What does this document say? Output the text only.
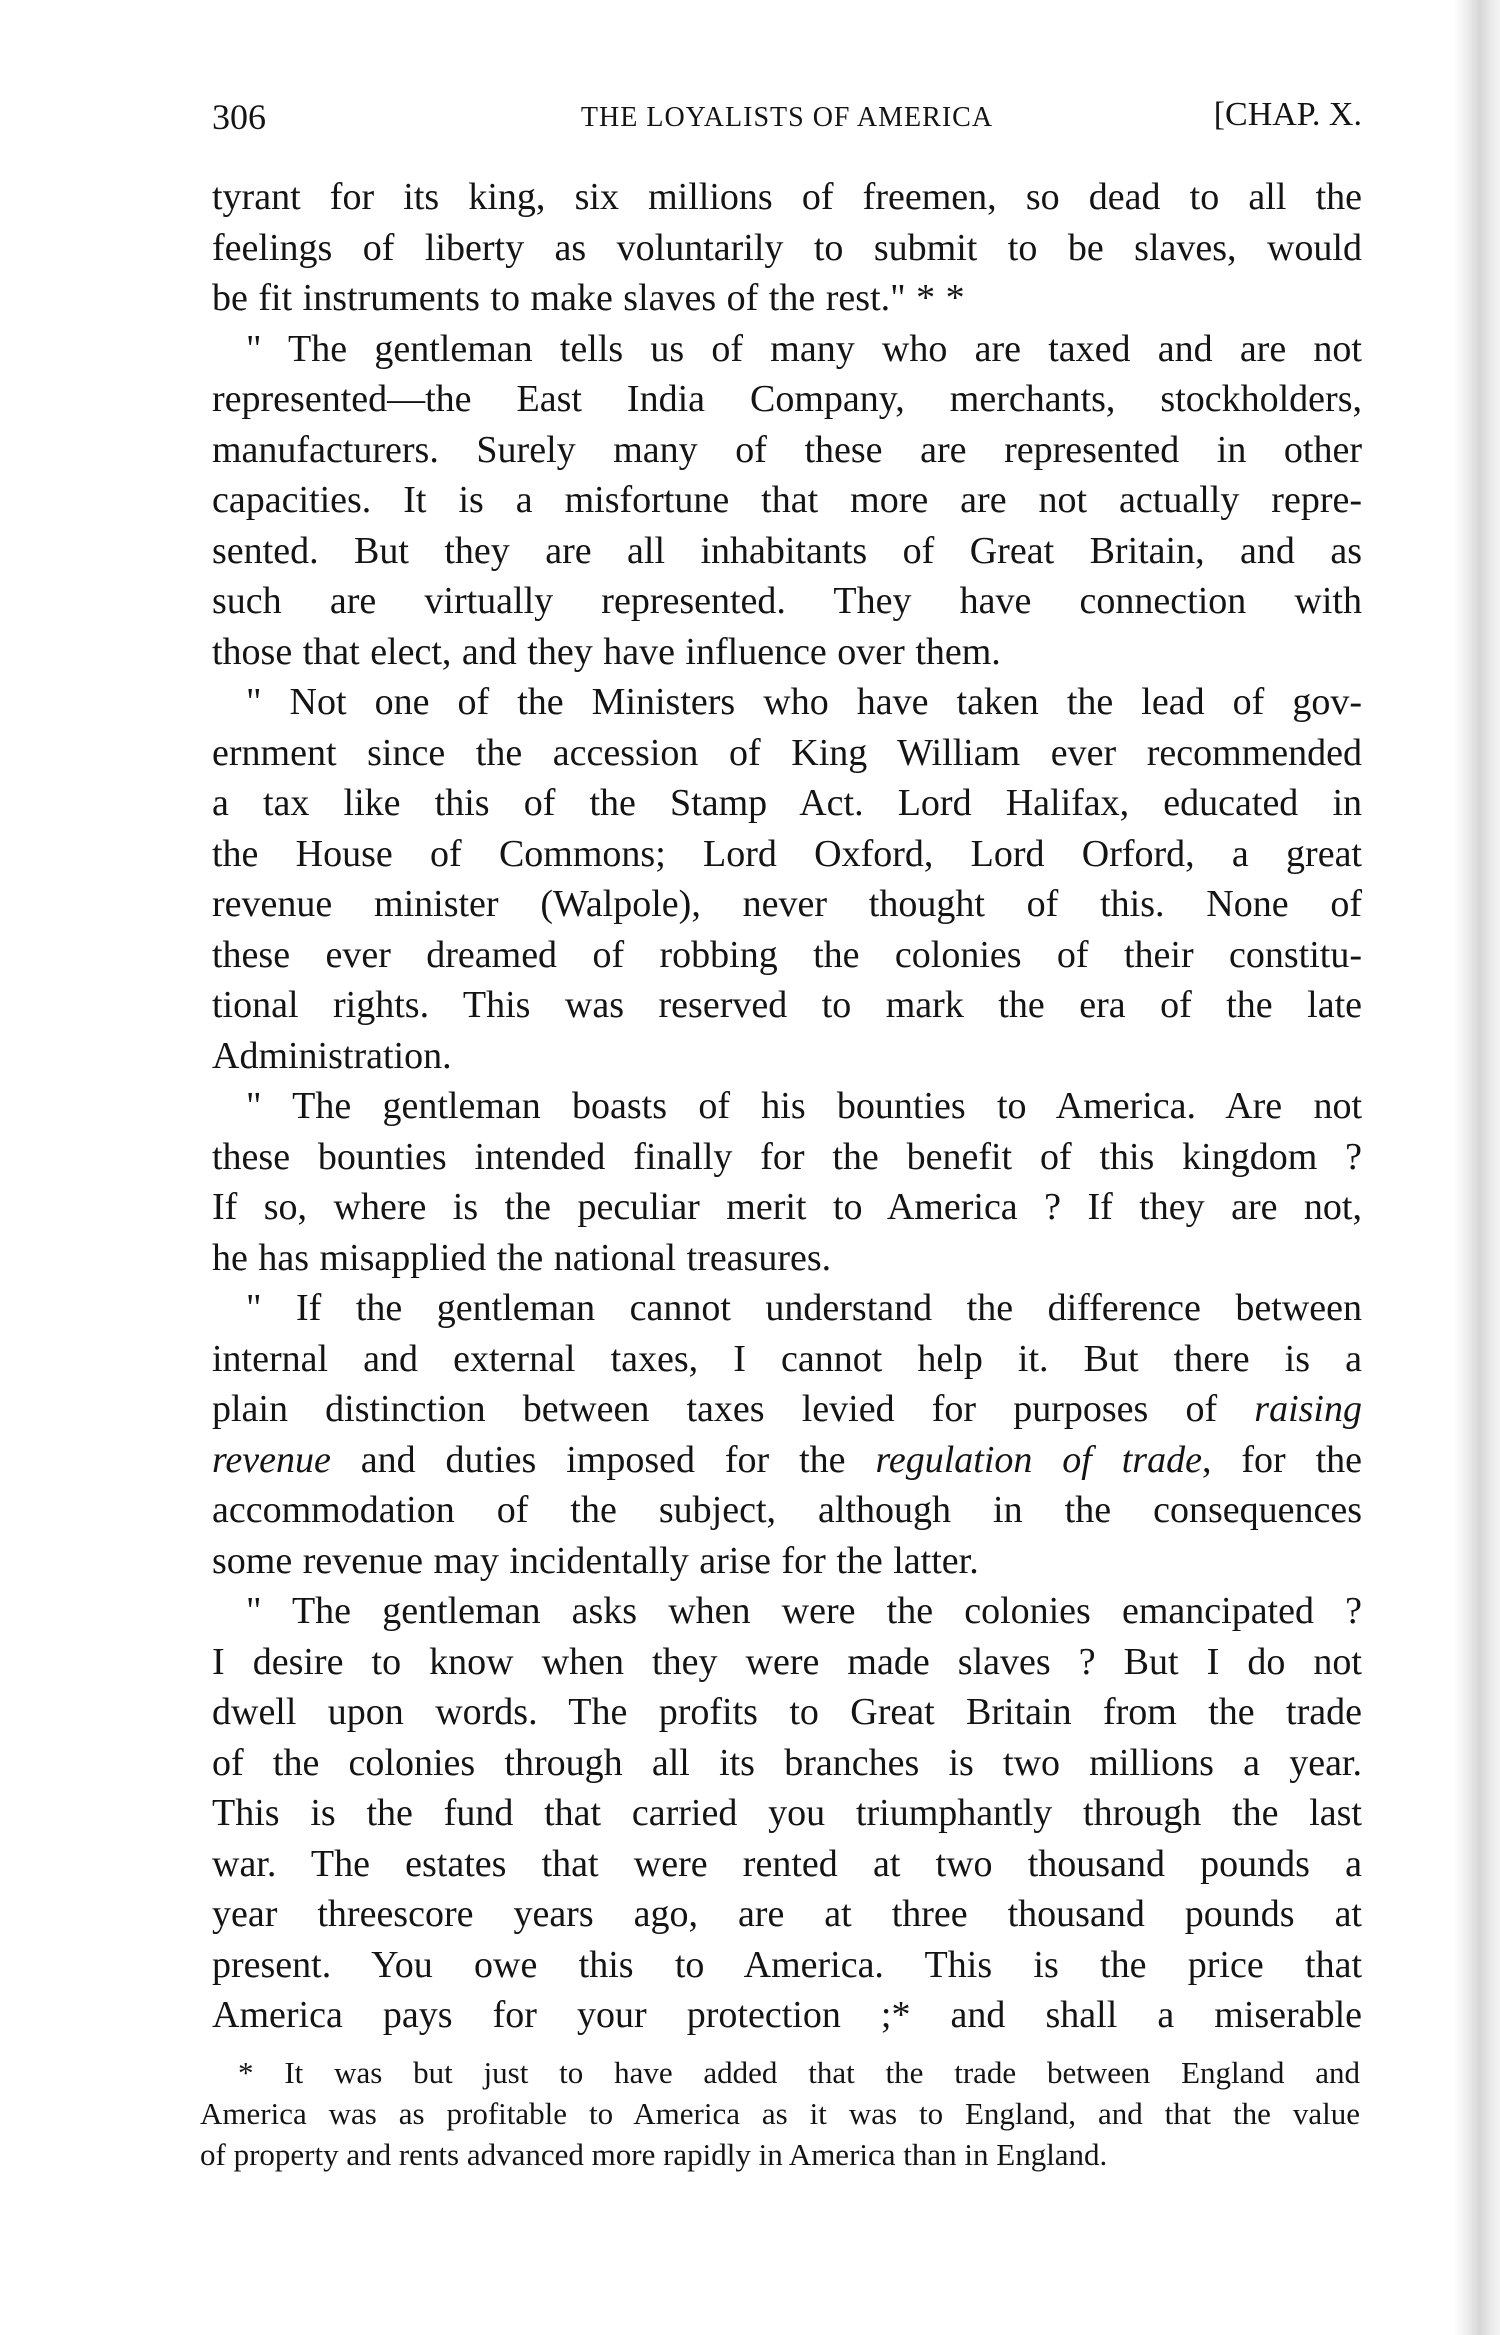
306	THE LOYALISTS OF AMERICA	[CHAP. X.
tyrant for its king, six millions of freemen, so dead to all the
feelings of liberty as voluntarily to submit to be slaves, would
be fit instruments to make slaves of the rest." * *
" The gentleman tells us of many who are taxed and are not
represented—the East India Company, merchants, stockholders,
manufacturers. Surely many of these are represented in other
capacities. It is a misfortune that more are not actually repre-
sented. But they are all inhabitants of Great Britain, and as
such are virtually represented. They have connection with
those that elect, and they have influence over them.
" Not one of the Ministers who have taken the lead of gov-
ernment since the accession of King William ever recommended
a tax like this of the Stamp Act. Lord Halifax, educated in
the House of Commons; Lord Oxford, Lord Orford, a great
revenue minister (Walpole), never thought of this. None of
these ever dreamed of robbing the colonies of their constitu-
tional rights. This was reserved to mark the era of the late
Administration.
" The gentleman boasts of his bounties to America. Are not
these bounties intended finally for the benefit of this kingdom ?
If so, where is the peculiar merit to America ? If they are not,
he has misapplied the national treasures.
" If the gentleman cannot understand the difference between
internal and external taxes, I cannot help it. But there is a
plain distinction between taxes levied for purposes of raising
revenue and duties imposed for the regulation of trade, for the
accommodation of the subject, although in the consequences
some revenue may incidentally arise for the latter.
" The gentleman asks when were the colonies emancipated ?
I desire to know when they were made slaves ? But I do not
dwell upon words. The profits to Great Britain from the trade
of the colonies through all its branches is two millions a year.
This is the fund that carried you triumphantly through the last
war. The estates that were rented at two thousand pounds a
year threescore years ago, are at three thousand pounds at
present. You owe this to America. This is the price that
America pays for your protection ;* and shall a miserable
* It was but just to have added that the trade between England and
America was as profitable to America as it was to England, and that the value
of property and rents advanced more rapidly in America than in England.
